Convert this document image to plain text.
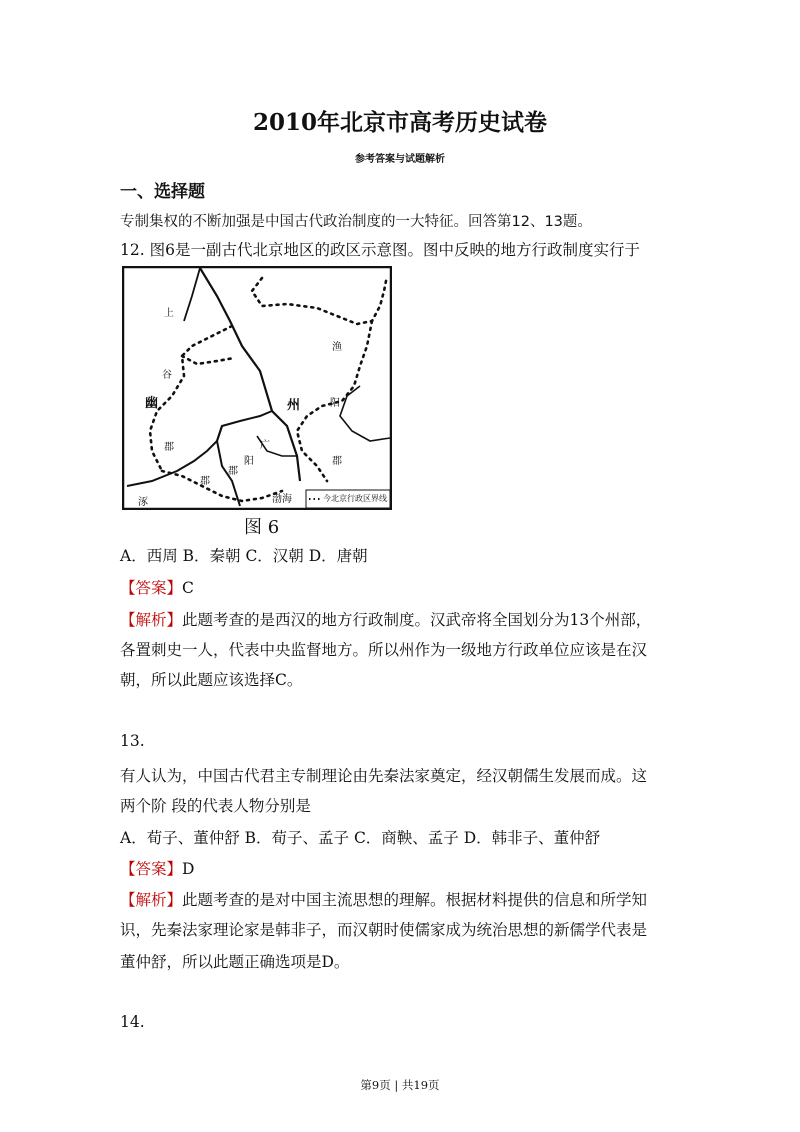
2010年北京市高考历史试卷
参考答案与试题解析
一、选择题
专制集权的不断加强是中国古代政治制度的一大特征。回答第12、13题。
12. 图6是一副古代北京地区的政区示意图。图中反映的地方行政制度实行于
上
谷
幽
郡
州
渔
阳
郡
广
阳
郡
郡
涿	渤海	今北京行政区界线
图 6
A．西周 B．秦朝 C．汉朝 D．唐朝
【答案】C
【解析】此题考查的是西汉的地方行政制度。汉武帝将全国划分为13个州部，
各置刺史一人，代表中央监督地方。所以州作为一级地方行政单位应该是在汉
朝，所以此题应该选择C。
13.
有人认为，中国古代君主专制理论由先秦法家奠定，经汉朝儒生发展而成。这
两个阶 段的代表人物分别是
A．荀子、董仲舒 B．荀子、孟子 C．商鞅、孟子 D．韩非子、董仲舒
【答案】D
【解析】此题考查的是对中国主流思想的理解。根据材料提供的信息和所学知
识，先秦法家理论家是韩非子，而汉朝时使儒家成为统治思想的新儒学代表是
董仲舒，所以此题正确选项是D。
14.
第9页 | 共19页
